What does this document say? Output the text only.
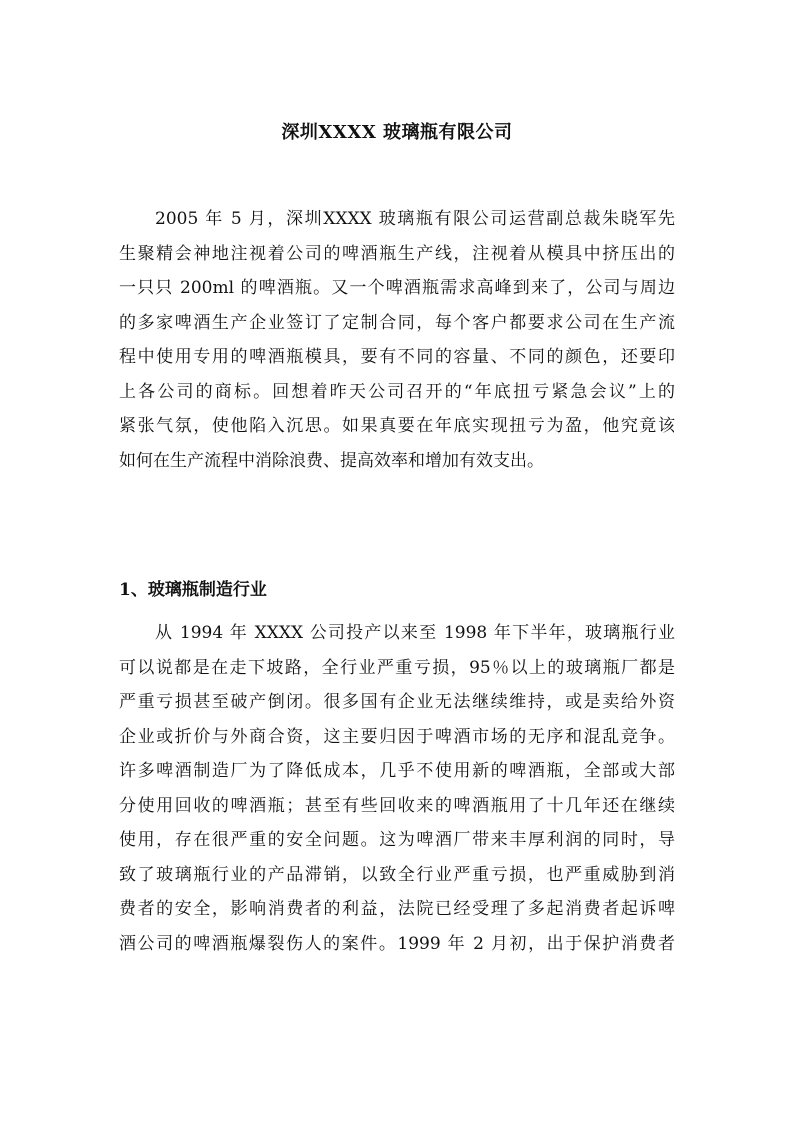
深圳XXXX 玻璃瓶有限公司
2005 年 5 月，深圳XXXX 玻璃瓶有限公司运营副总裁朱晓军先
生聚精会神地注视着公司的啤酒瓶生产线，注视着从模具中挤压出的
一只只 200ml 的啤酒瓶。又一个啤酒瓶需求高峰到来了，公司与周边
的多家啤酒生产企业签订了定制合同，每个客户都要求公司在生产流
程中使用专用的啤酒瓶模具，要有不同的容量、不同的颜色，还要印
上各公司的商标。回想着昨天公司召开的“年底扭亏紧急会议”上的
紧张气氛，使他陷入沉思。如果真要在年底实现扭亏为盈，他究竟该
如何在生产流程中消除浪费、提高效率和增加有效支出。
1、玻璃瓶制造行业
从 1994 年 XXXX 公司投产以来至 1998 年下半年，玻璃瓶行业
可以说都是在走下坡路，全行业严重亏损，95％以上的玻璃瓶厂都是
严重亏损甚至破产倒闭。很多国有企业无法继续维持，或是卖给外资
企业或折价与外商合资，这主要归因于啤酒市场的无序和混乱竞争。
许多啤酒制造厂为了降低成本，几乎不使用新的啤酒瓶，全部或大部
分使用回收的啤酒瓶；甚至有些回收来的啤酒瓶用了十几年还在继续
使用，存在很严重的安全问题。这为啤酒厂带来丰厚利润的同时，导
致了玻璃瓶行业的产品滞销，以致全行业严重亏损，也严重威胁到消
费者的安全，影响消费者的利益，法院已经受理了多起消费者起诉啤
酒公司的啤酒瓶爆裂伤人的案件。1999 年 2 月初，出于保护消费者
